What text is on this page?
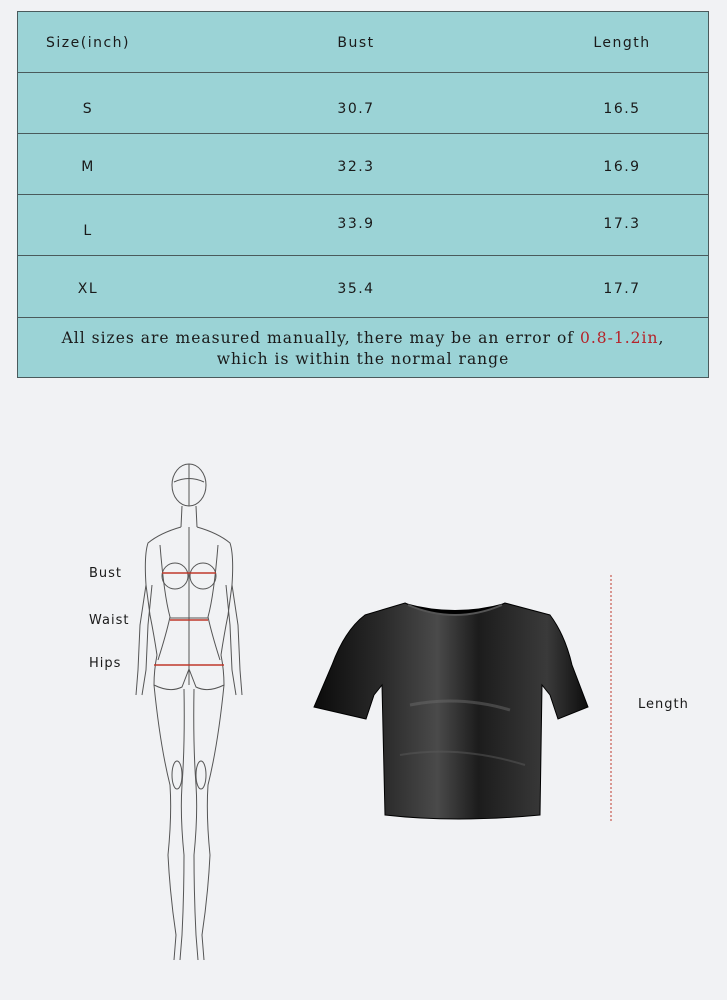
Size(inch)	Bust	Length
S	30.7	16.5
M	32.3	16.9
L	33.9	17.3
XL	35.4	17.7
All sizes are measured manually, there may be an error of 0.8-1.2in,
which is within the normal range
Bust
Waist
Hips
Length
